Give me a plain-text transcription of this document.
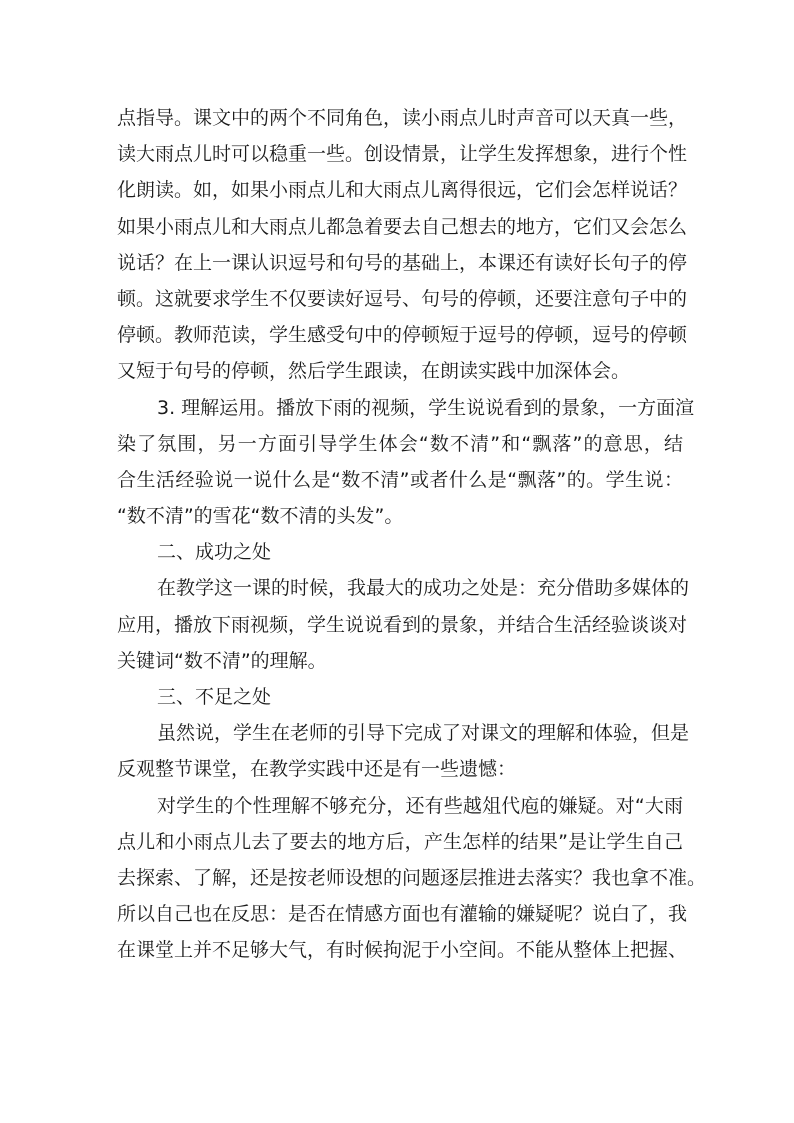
点指导。课文中的两个不同角色，读小雨点儿时声音可以天真一些，
读大雨点儿时可以稳重一些。创设情景，让学生发挥想象，进行个性
化朗读。如，如果小雨点儿和大雨点儿离得很远，它们会怎样说话？
如果小雨点儿和大雨点儿都急着要去自己想去的地方，它们又会怎么
说话？在上一课认识逗号和句号的基础上，本课还有读好长句子的停
顿。这就要求学生不仅要读好逗号、句号的停顿，还要注意句子中的
停顿。教师范读，学生感受句中的停顿短于逗号的停顿，逗号的停顿
又短于句号的停顿，然后学生跟读，在朗读实践中加深体会。
3. 理解运用。播放下雨的视频，学生说说看到的景象，一方面渲
染了氛围，另一方面引导学生体会“数不清”和“飘落”的意思，结
合生活经验说一说什么是“数不清”或者什么是“飘落”的。学生说：
“数不清”的雪花“数不清的头发”。
二、成功之处
在教学这一课的时候，我最大的成功之处是：充分借助多媒体的
应用，播放下雨视频，学生说说看到的景象，并结合生活经验谈谈对
关键词“数不清”的理解。
三、不足之处
虽然说，学生在老师的引导下完成了对课文的理解和体验，但是
反观整节课堂，在教学实践中还是有一些遗憾：
对学生的个性理解不够充分，还有些越俎代庖的嫌疑。对“大雨
点儿和小雨点儿去了要去的地方后，产生怎样的结果”是让学生自己
去探索、了解，还是按老师设想的问题逐层推进去落实？我也拿不准。
所以自己也在反思：是否在情感方面也有灌输的嫌疑呢？说白了，我
在课堂上并不足够大气，有时候拘泥于小空间。不能从整体上把握、
